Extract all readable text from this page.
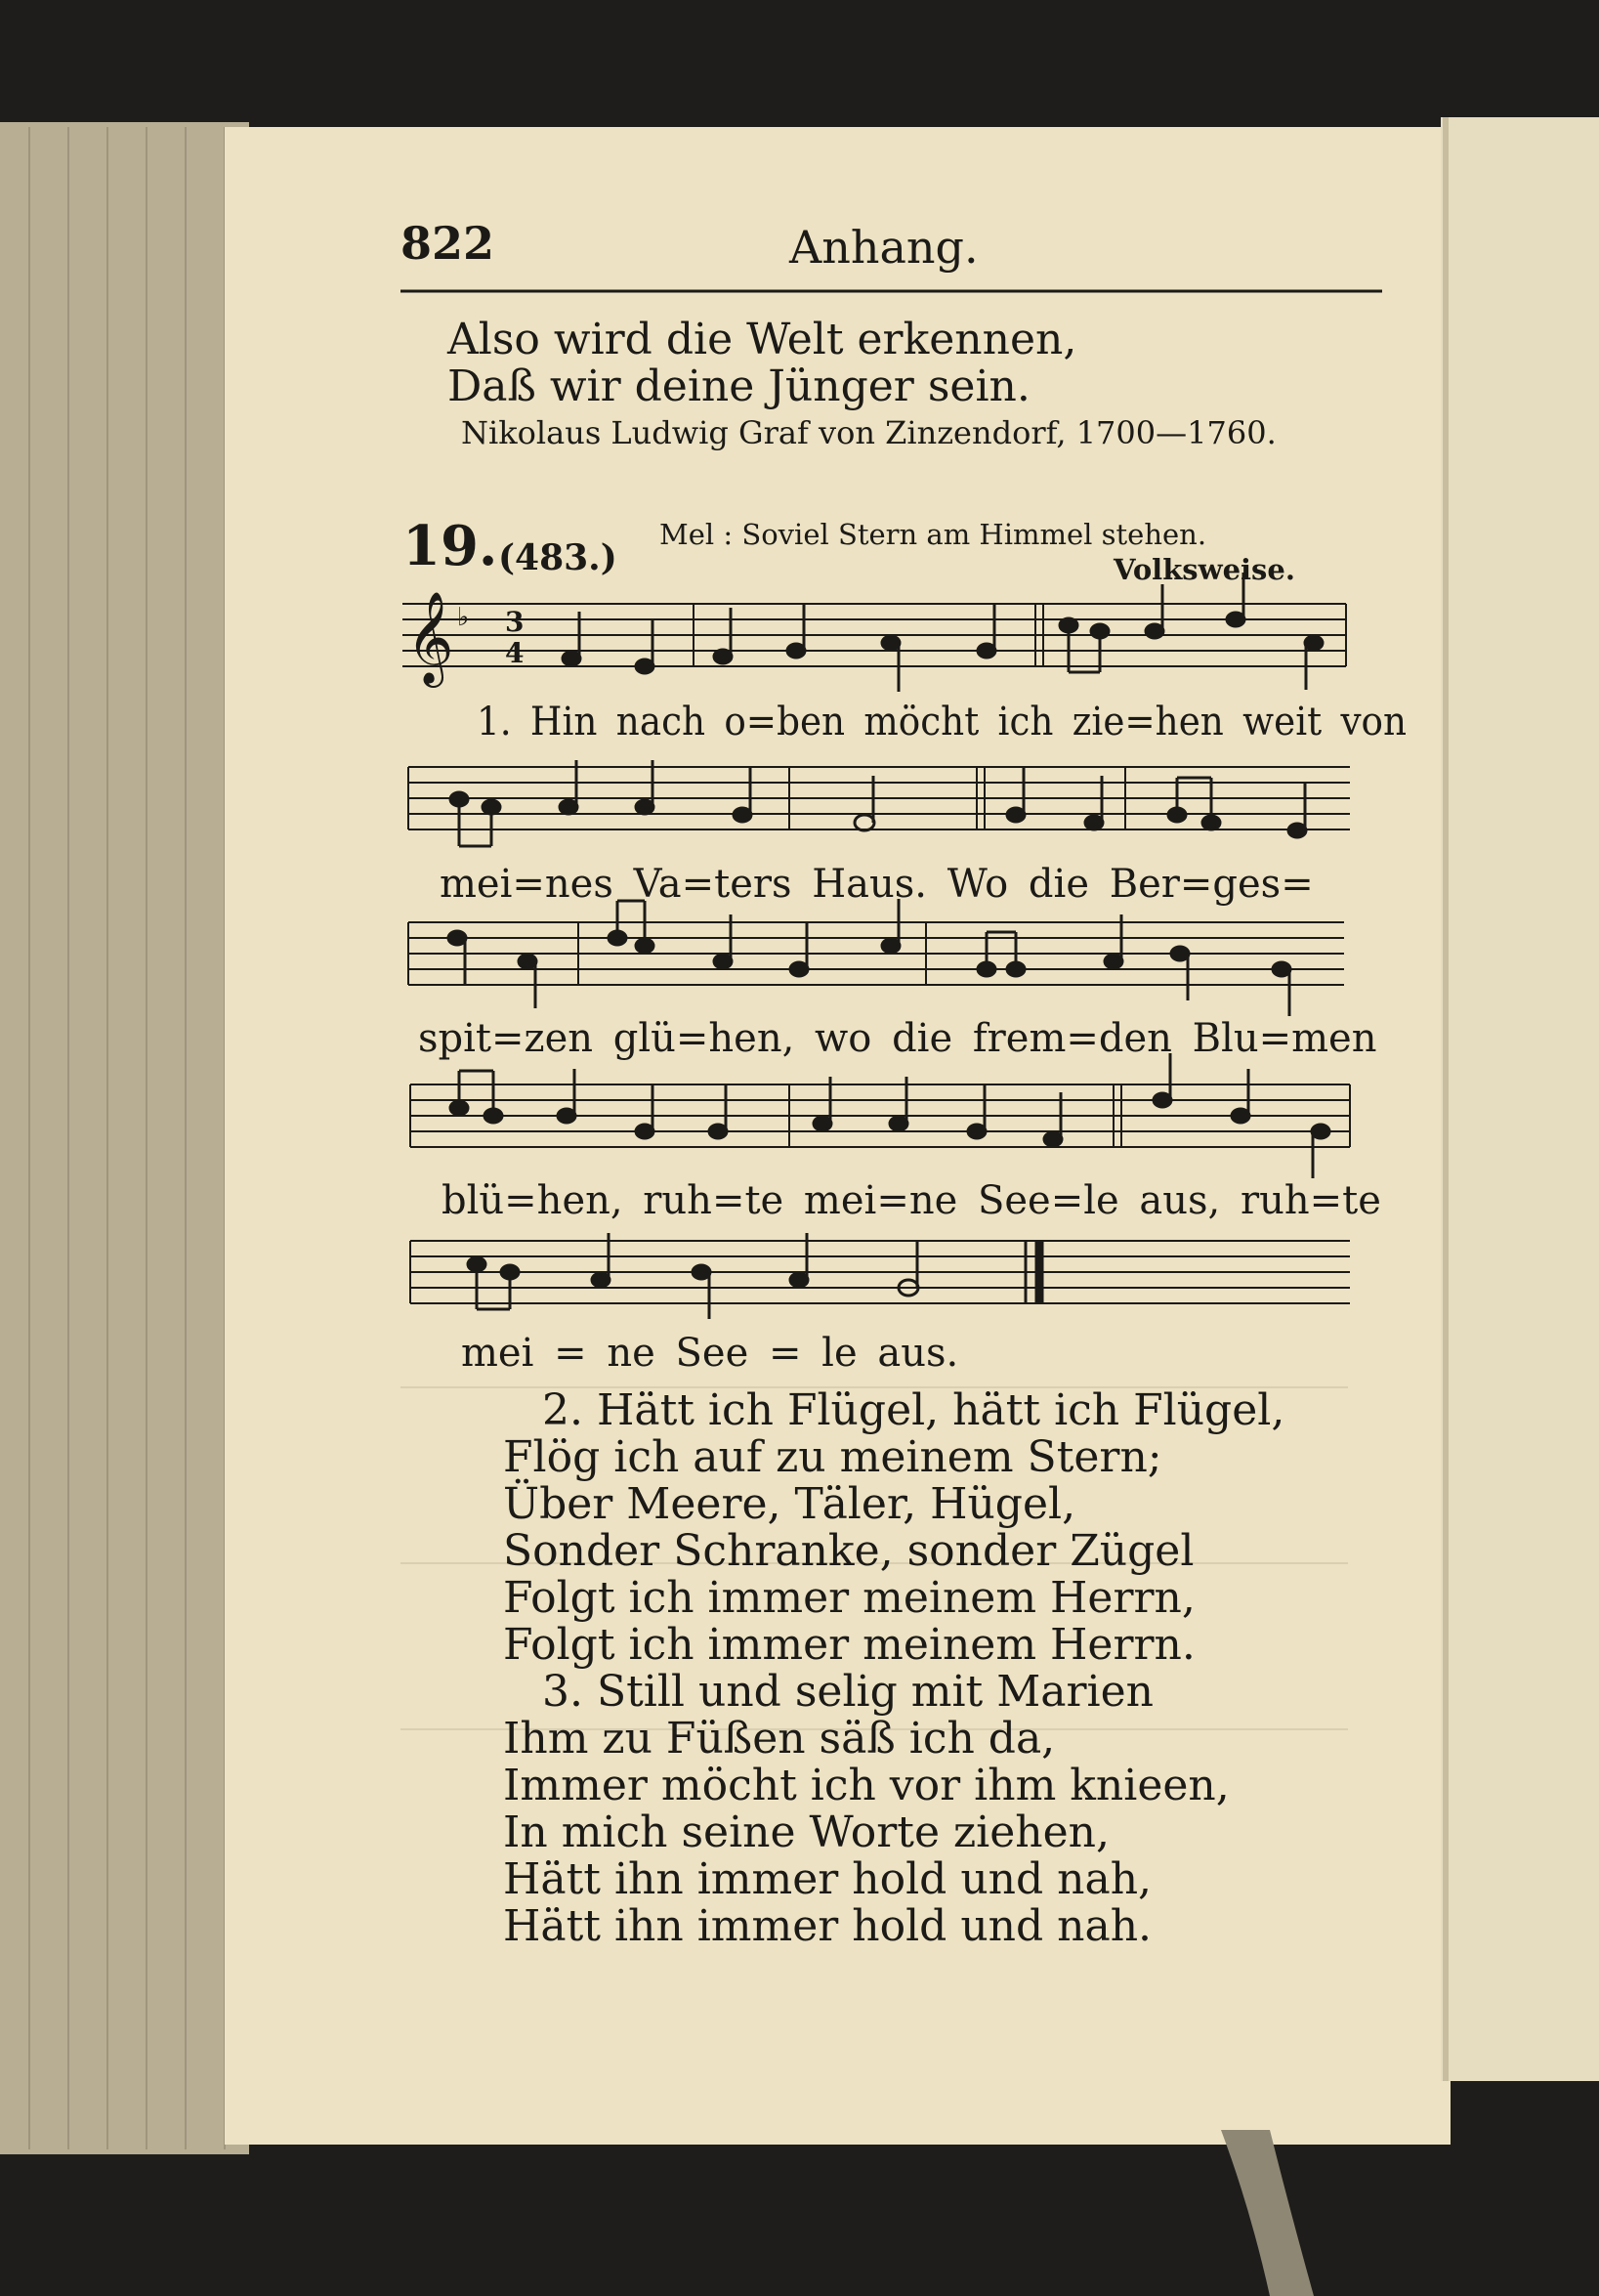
𝄞 ♭ 3
4
822	Anhang.
Also wird die Welt erkennen,
Daß wir deine Jünger sein.
Nikolaus Ludwig Graf von Zinzendorf, 1700—1760.
19. (483.)
Mel : Soviel Stern am Himmel stehen.
Volksweise.
1. Hin nach o=ben möcht ich zie=hen weit von
mei=nes Va=ters Haus. Wo die Ber=ges=
spit=zen glü=hen, wo die frem=den Blu=men
blü=hen, ruh=te mei=ne See=le aus, ruh=te
mei = ne See = le aus.
2. Hätt ich Flügel, hätt ich Flügel,
Flög ich auf zu meinem Stern;
Über Meere, Täler, Hügel,
Sonder Schranke, sonder Zügel
Folgt ich immer meinem Herrn,
Folgt ich immer meinem Herrn.
3. Still und selig mit Marien
Ihm zu Füßen säß ich da,
Immer möcht ich vor ihm knieen,
In mich seine Worte ziehen,
Hätt ihn immer hold und nah,
Hätt ihn immer hold und nah.
